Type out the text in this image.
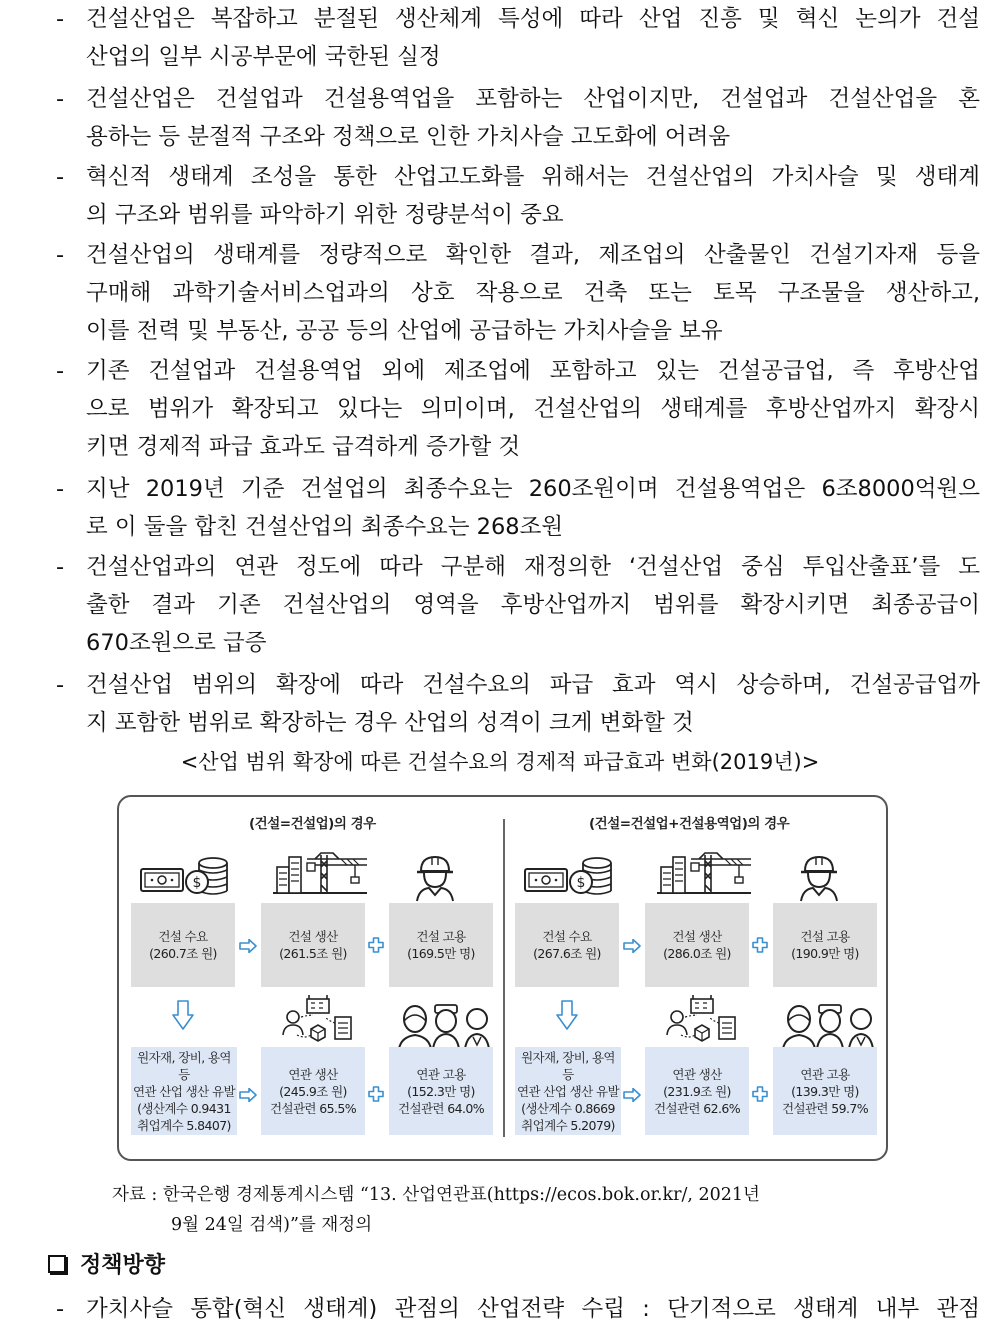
- 건설산업은 복잡하고 분절된 생산체계 특성에 따라 산업 진흥 및 혁신 논의가 건설
산업의 일부 시공부문에 국한된 실정
- 건설산업은 건설업과 건설용역업을 포함하는 산업이지만, 건설업과 건설산업을 혼
용하는 등 분절적 구조와 정책으로 인한 가치사슬 고도화에 어려움
- 혁신적 생태계 조성을 통한 산업고도화를 위해서는 건설산업의 가치사슬 및 생태계
의 구조와 범위를 파악하기 위한 정량분석이 중요
- 건설산업의 생태계를 정량적으로 확인한 결과, 제조업의 산출물인 건설기자재 등을
구매해 과학기술서비스업과의 상호 작용으로 건축 또는 토목 구조물을 생산하고,
이를 전력 및 부동산, 공공 등의 산업에 공급하는 가치사슬을 보유
- 기존 건설업과 건설용역업 외에 제조업에 포함하고 있는 건설공급업, 즉 후방산업
으로 범위가 확장되고 있다는 의미이며, 건설산업의 생태계를 후방산업까지 확장시
키면 경제적 파급 효과도 급격하게 증가할 것
- 지난 2019년 기준 건설업의 최종수요는 260조원이며 건설용역업은 6조8000억원으
로 이 둘을 합친 건설산업의 최종수요는 268조원
- 건설산업과의 연관 정도에 따라 구분해 재정의한 ‘건설산업 중심 투입산출표’를 도
출한 결과 기존 건설산업의 영역을 후방산업까지 범위를 확장시키면 최종공급이
670조원으로 급증
- 건설산업 범위의 확장에 따라 건설수요의 파급 효과 역시 상승하며, 건설공급업까
지 포함한 범위로 확장하는 경우 산업의 성격이 크게 변화할 것
<산업 범위 확장에 따른 건설수요의 경제적 파급효과 변화(2019년)>
(건설=건설업)의 경우
$
건설 수요
(260.7조 원)
건설 생산
(261.5조 원)
건설 고용
(169.5만 명)
원자재, 장비, 용역 등
연관 산업 생산 유발
(생산계수 0.9431
취업계수 5.8407)
연관 생산
(245.9조 원)
건설관련 65.5%
연관 고용
(152.3만 명)
건설관련 64.0%
(건설=건설업+건설용역업)의 경우
$
건설 수요
(267.6조 원)
건설 생산
(286.0조 원)
건설 고용
(190.9만 명)
원자재, 장비, 용역 등
연관 산업 생산 유발
(생산계수 0.8669
취업계수 5.2079)
연관 생산
(231.9조 원)
건설관련 62.6%
연관 고용
(139.3만 명)
건설관련 59.7%
자료 : 한국은행 경제통계시스템 “13. 산업연관표(https://ecos.bok.or.kr/, 2021년
9월 24일 검색)”를 재정의
정책방향
- 가치사슬 통합(혁신 생태계) 관점의 산업전략 수립 : 단기적으로 생태계 내부 관점
